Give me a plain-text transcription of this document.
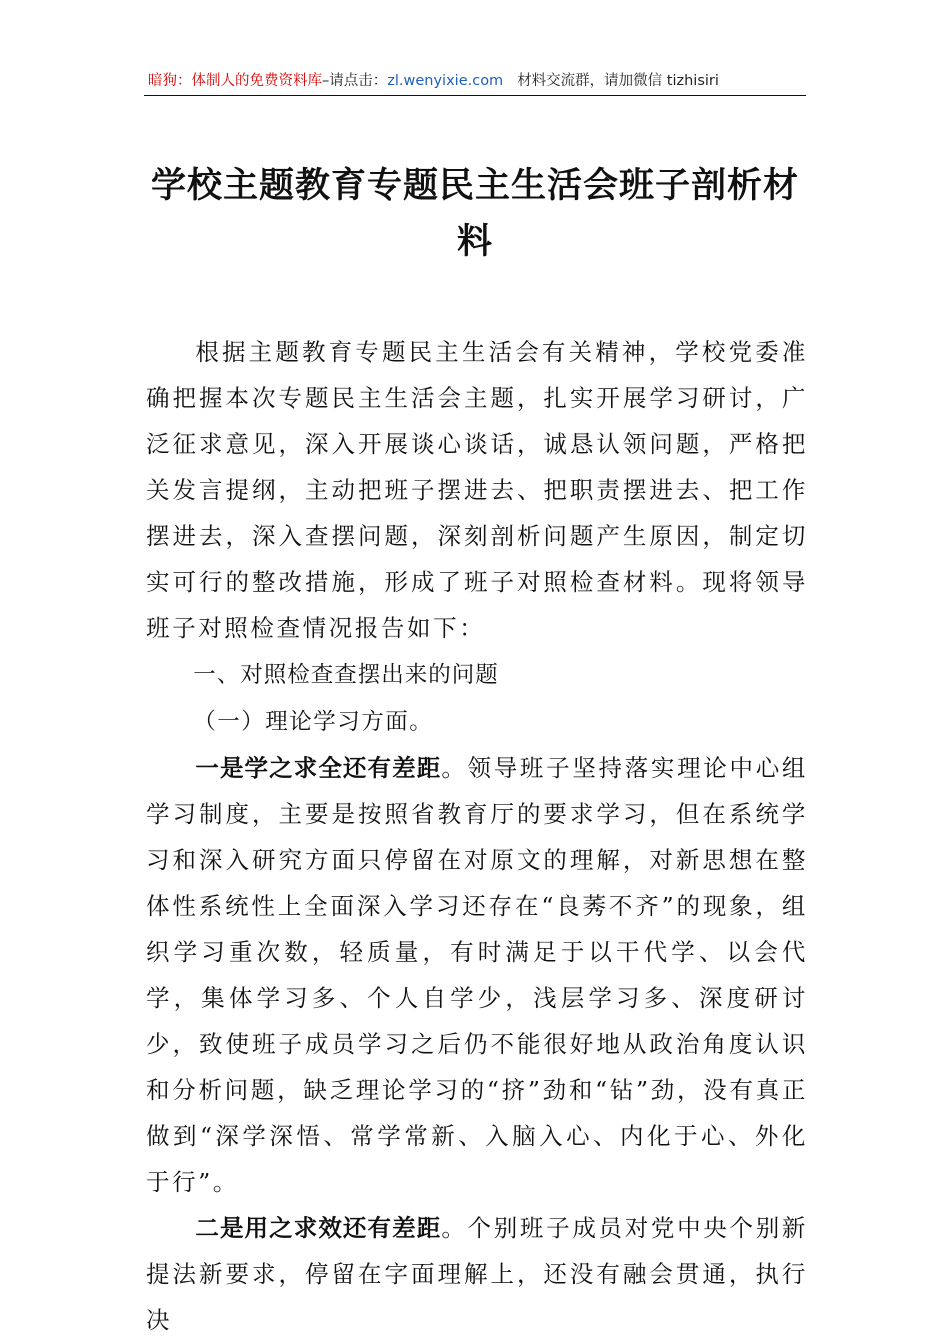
暗狗：体制人的免费资料库–请点击：zl.wenyixie.com 材料交流群，请加微信 tizhisiri
学校主题教育专题民主生活会班子剖析材
料

根据主题教育专题民主生活会有关精神，学校党委准确把握本次专题民主生活会主题，扎实开展学习研讨，广泛征求意见，深入开展谈心谈话，诚恳认领问题，严格把关发言提纲，主动把班子摆进去、把职责摆进去、把工作摆进去，深入查摆问题，深刻剖析问题产生原因，制定切实可行的整改措施，形成了班子对照检查材料。现将领导班子对照检查情况报告如下：

一、对照检查查摆出来的问题

（一）理论学习方面。

一是学之求全还有差距。领导班子坚持落实理论中心组学习制度，主要是按照省教育厅的要求学习，但在系统学习和深入研究方面只停留在对原文的理解，对新思想在整体性系统性上全面深入学习还存在“良莠不齐”的现象，组织学习重次数，轻质量，有时满足于以干代学、以会代学，集体学习多、个人自学少，浅层学习多、深度研讨少，致使班子成员学习之后仍不能很好地从政治角度认识和分析问题，缺乏理论学习的“挤”劲和“钻”劲，没有真正做到“深学深悟、常学常新、入脑入心、内化于心、外化于行”。

二是用之求效还有差距。个别班子成员对党中央个别新提法新要求，停留在字面理解上，还没有融会贯通，执行决
